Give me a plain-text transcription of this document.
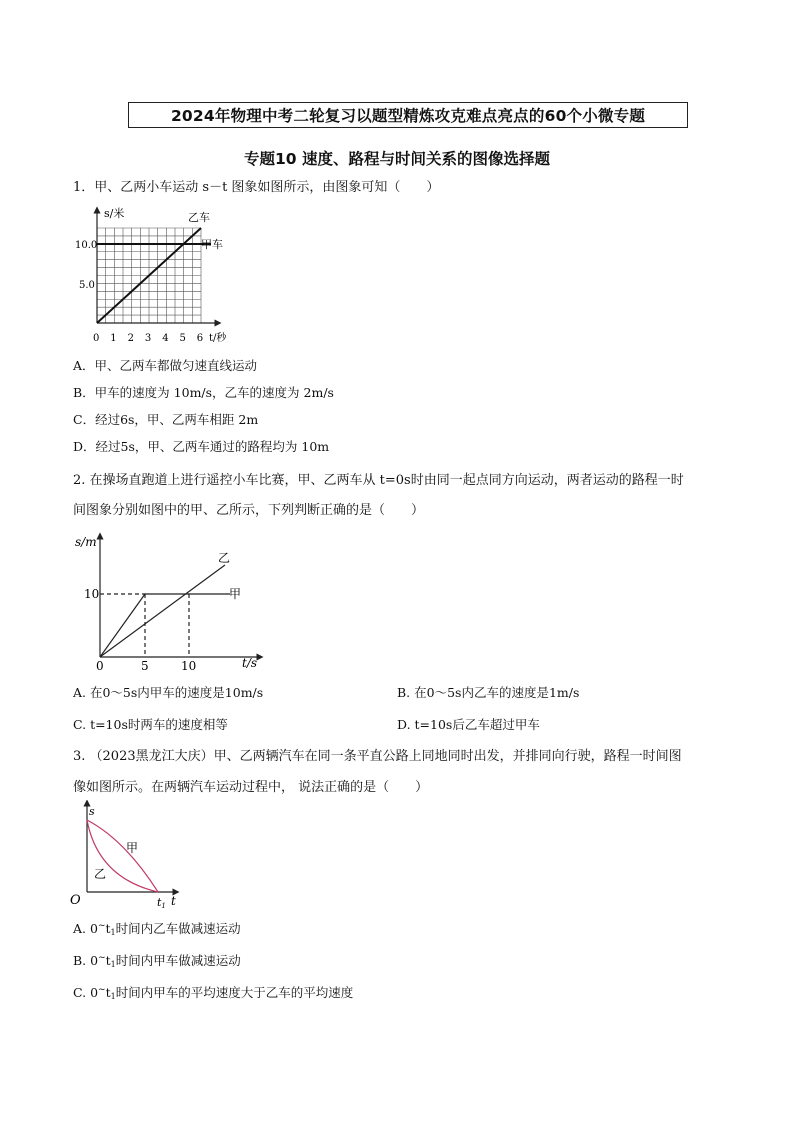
2024年物理中考二轮复习以题型精炼攻克难点亮点的60个小微专题
专题10 速度、路程与时间关系的图像选择题
1．甲、乙两小车运动 s－t 图象如图所示，由图象可知（　　）
s/米
10.0
5.0
0 1 2 3 4 5 6 t/秒
乙车
甲车
A．甲、乙两车都做匀速直线运动
B．甲车的速度为 10m/s，乙车的速度为 2m/s
C．经过6s，甲、乙两车相距 2m
D．经过5s，甲、乙两车通过的路程均为 10m
2. 在操场直跑道上进行遥控小车比赛，甲、乙两车从 t=0s时由同一起点同方向运动，两者运动的路程一时
间图象分别如图中的甲、乙所示，下列判断正确的是（　　）
s/m
10
0	5	10	t/s
乙
甲
A. 在0～5s内甲车的速度是10m/s	B. 在0～5s内乙车的速度是1m/s
C. t=10s时两车的速度相等	D. t=10s后乙车超过甲车
3. （2023黑龙江大庆）甲、乙两辆汽车在同一条平直公路上同地同时出发，并排同向行驶，路程一时间图
像如图所示。在两辆汽车运动过程中， 说法正确的是（　　）
s
O	t1 t
甲
乙
A. $0^\sim t_1$时间内乙车做减速运动
B. $0^\sim t_1$时间内甲车做减速运动
C. $0^\sim t_1$时间内甲车的平均速度大于乙车的平均速度
